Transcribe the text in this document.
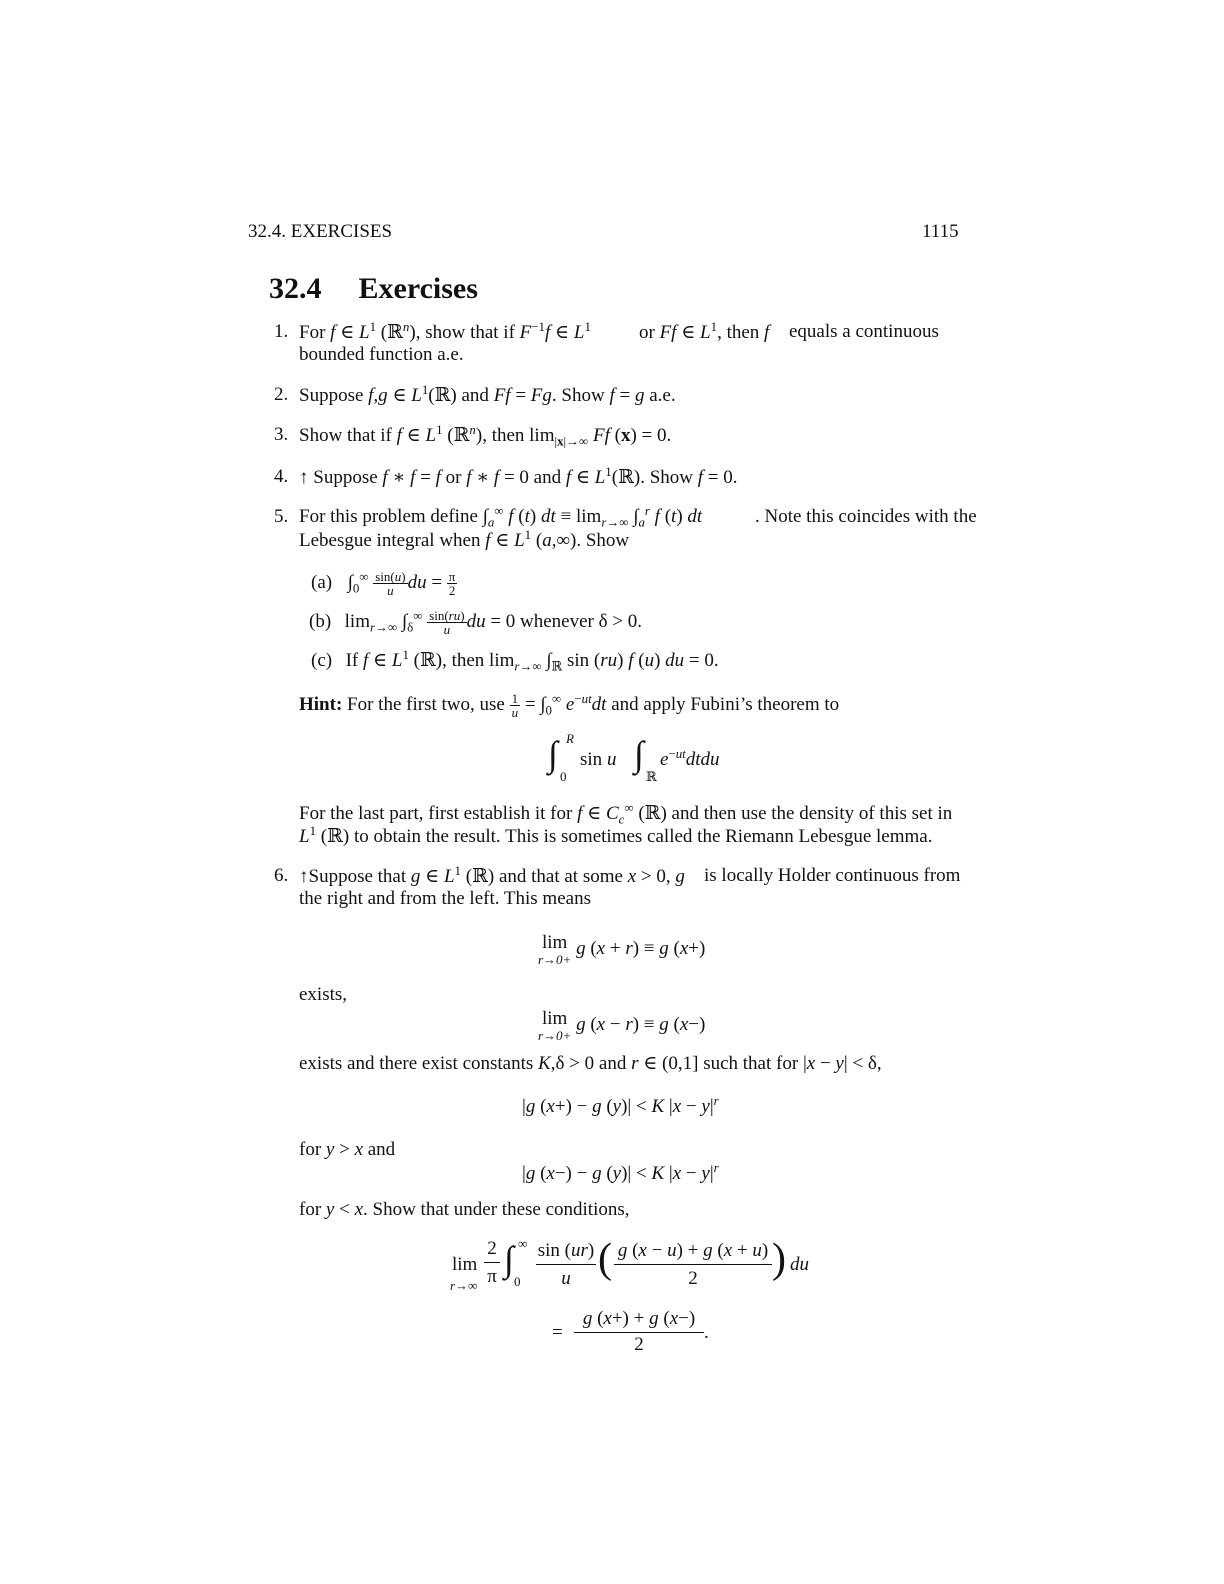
32.4. EXERCISES	1115
32.4 Exercises
1. For f ∈ $L^1$ (ℝ$^n$), show that if $F^{-1}f$ ∈ $L^1$	or Ff ∈ $L^1$, then f equals a continuous
bounded function a.e.
2. Suppose f,g ∈ $L^1(ℝ)$ and Ff = Fg. Show f = g a.e.
3. Show that if f ∈ $L^1$ (ℝ$^n$), then $\lim_{|x|\to\infty} Ff$ (x) = 0.
4. ↑ Suppose f ∗ f = f or f ∗ f = 0 and f ∈ $L^1(ℝ)$. Show f = 0.
5. For this problem define $\int_a^\infty$ f (t) dt ≡ $\lim_{r\to\infty} \int_a^r$ f (t) dt	. Note this coincides with the
Lebesgue integral when f ∈ $L^1$ (a,∞). Show
(a)  $\int_0^\infty \frac{\sin(u)}{u}$ du = $\frac{\pi}{2}$
(b)  $\lim_{r\to\infty} \int_\delta^\infty \frac{\sin(ru)}{u}$ du = 0 whenever δ > 0.
(c) If f ∈ $L^1$ (ℝ), then $\lim_{r\to\infty} \int_ℝ$ sin (ru) f (u) du = 0.
Hint: For the first two, use $\frac{1}{u} = \int_0^\infty$ $e^{-ut}dt$ and apply Fubini’s theorem to
∫ R
0
sin u ∫
ℝ
$e^{-ut}dtdu$
For the last part, first establish it for f ∈ $C_c^\infty$ (ℝ) and then use the density of this set in
$L^1$ (ℝ) to obtain the result. This is sometimes called the Riemann Lebesgue lemma.
6. ↑Suppose that g ∈ $L^1$ (ℝ) and that at some x > 0, g is locally Holder continuous from
the right and from the left. This means
lim
r→0+
g (x + r) ≡ g (x+)
exists,
lim
r→0+
g (x − r) ≡ g (x−)
exists and there exist constants K,δ > 0 and r ∈ (0,1] such that for |x − y| < δ,
|g (x+) − g (y)| < K $|x - y|^r$
for y > x and
|g (x−) − g (y)| < K $|x - y|^r$
for y < x. Show that under these conditions,
lim
r→∞
2
π ∫ ∞
0
sin (ur)
u ( g (x − u) + g (x + u)
2	) du
=
g (x+) + g (x−)
2
.
